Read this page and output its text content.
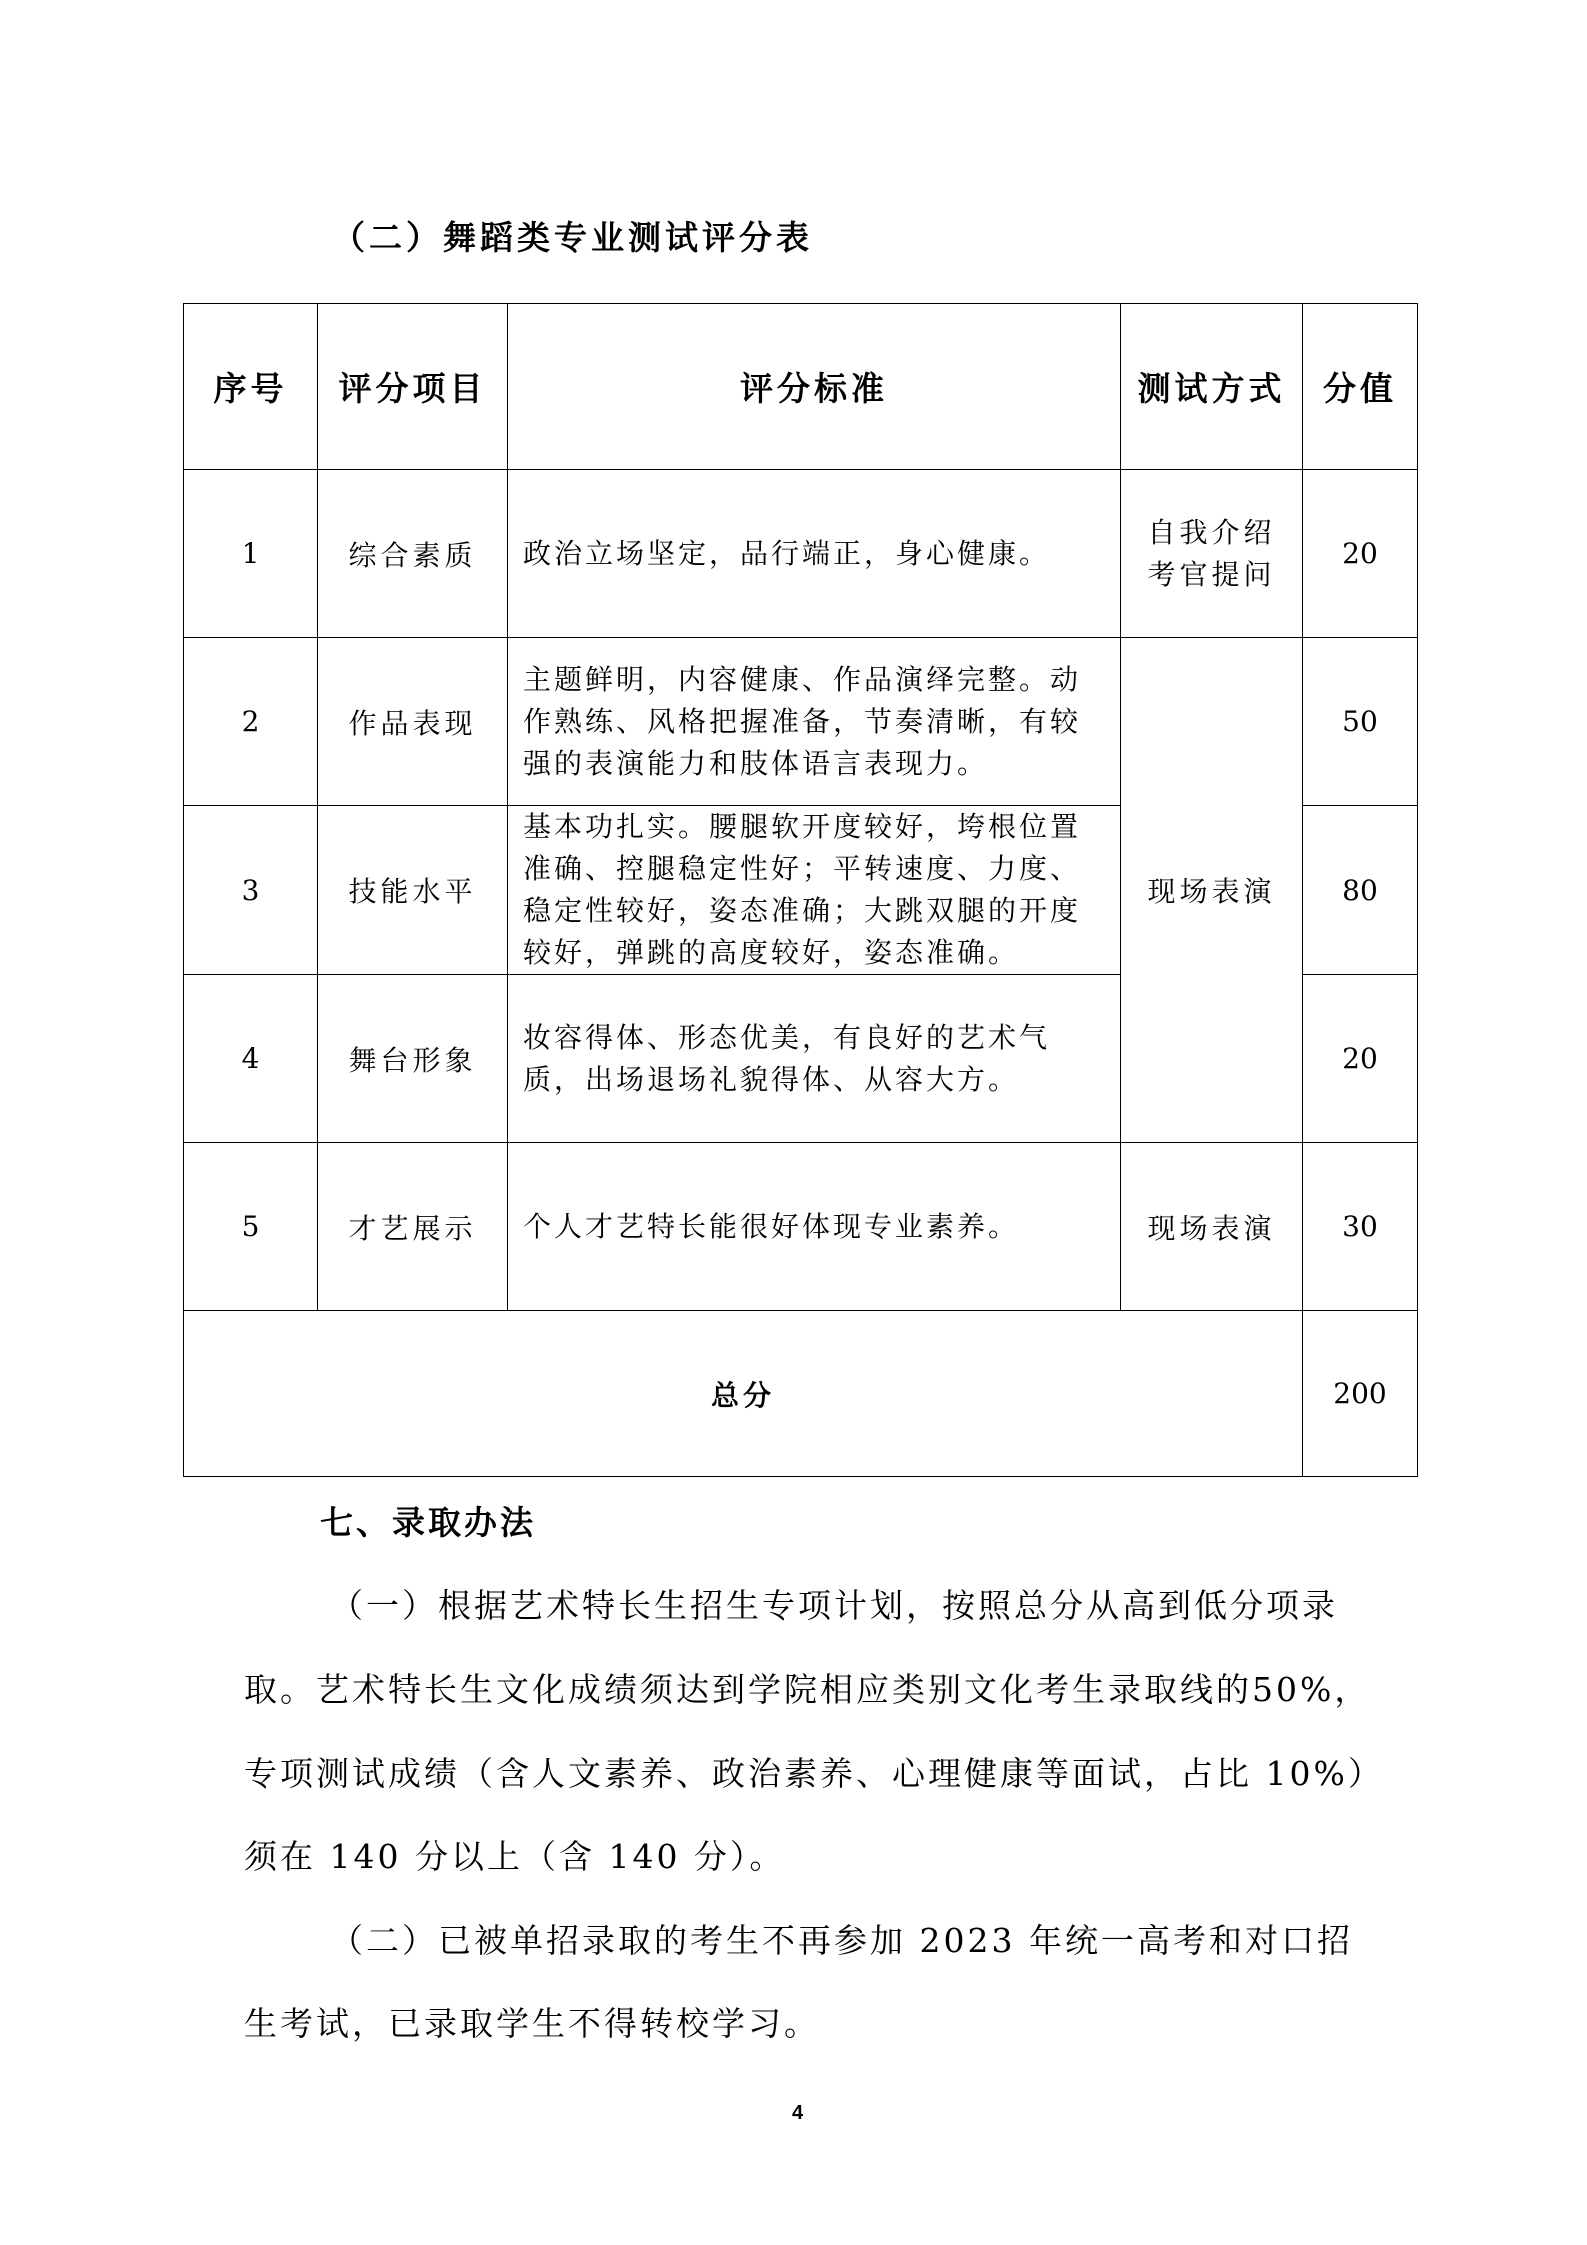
（二）舞蹈类专业测试评分表
序号	评分项目	评分标准	测试方式	分值
1	综合素质	政治立场坚定，品行端正，身心健康。	自我介绍考官提问	20
2	作品表现	主题鲜明，内容健康、作品演绎完整。动作熟练、风格把握准备，节奏清晰，有较强的表演能力和肢体语言表现力。	现场表演	50
3	技能水平	基本功扎实。腰腿软开度较好，垮根位置准确、控腿稳定性好；平转速度、力度、稳定性较好，姿态准确；大跳双腿的开度较好，弹跳的高度较好，姿态准确。		80
4	舞台形象	妆容得体、形态优美，有良好的艺术气质，出场退场礼貌得体、从容大方。		20
5	才艺展示	个人才艺特长能很好体现专业素养。	现场表演	30
总分				200
七、录取办法
（一）根据艺术特长生招生专项计划，按照总分从高到低分项录
取。艺术特长生文化成绩须达到学院相应类别文化考生录取线的50%，
专项测试成绩（含人文素养、政治素养、心理健康等面试，占比 10%）
须在 140 分以上（含 140 分）。
（二）已被单招录取的考生不再参加 2023 年统一高考和对口招
生考试，已录取学生不得转校学习。
4
